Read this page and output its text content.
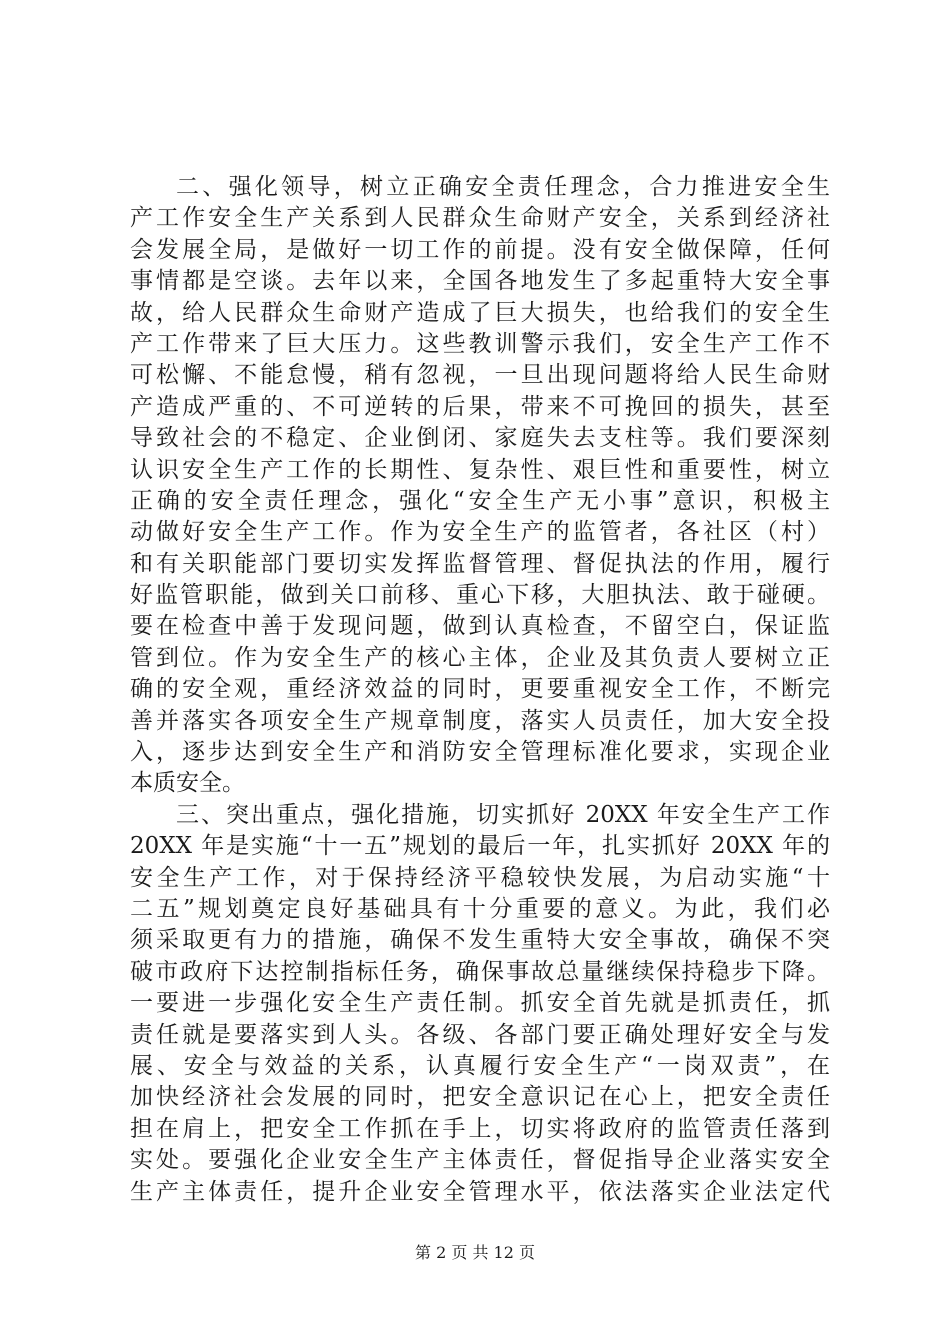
二、强化领导，树立正确安全责任理念，合力推进安全生
产工作安全生产关系到人民群众生命财产安全，关系到经济社
会发展全局，是做好一切工作的前提。没有安全做保障，任何
事情都是空谈。去年以来，全国各地发生了多起重特大安全事
故，给人民群众生命财产造成了巨大损失，也给我们的安全生
产工作带来了巨大压力。这些教训警示我们，安全生产工作不
可松懈、不能怠慢，稍有忽视，一旦出现问题将给人民生命财
产造成严重的、不可逆转的后果，带来不可挽回的损失，甚至
导致社会的不稳定、企业倒闭、家庭失去支柱等。我们要深刻
认识安全生产工作的长期性、复杂性、艰巨性和重要性，树立
正确的安全责任理念，强化“安全生产无小事”意识，积极主
动做好安全生产工作。作为安全生产的监管者，各社区（村）
和有关职能部门要切实发挥监督管理、督促执法的作用，履行
好监管职能，做到关口前移、重心下移，大胆执法、敢于碰硬。
要在检查中善于发现问题，做到认真检查，不留空白，保证监
管到位。作为安全生产的核心主体，企业及其负责人要树立正
确的安全观，重经济效益的同时，更要重视安全工作，不断完
善并落实各项安全生产规章制度，落实人员责任，加大安全投
入，逐步达到安全生产和消防安全管理标准化要求，实现企业
本质安全。
三、突出重点，强化措施，切实抓好 20XX 年安全生产工作
20XX 年是实施“十一五”规划的最后一年，扎实抓好 20XX 年的
安全生产工作，对于保持经济平稳较快发展，为启动实施“十
二五”规划奠定良好基础具有十分重要的意义。为此，我们必
须采取更有力的措施，确保不发生重特大安全事故，确保不突
破市政府下达控制指标任务，确保事故总量继续保持稳步下降。
一要进一步强化安全生产责任制。抓安全首先就是抓责任，抓
责任就是要落实到人头。各级、各部门要正确处理好安全与发
展、安全与效益的关系，认真履行安全生产“一岗双责”，在
加快经济社会发展的同时，把安全意识记在心上，把安全责任
担在肩上，把安全工作抓在手上，切实将政府的监管责任落到
实处。要强化企业安全生产主体责任，督促指导企业落实安全
生产主体责任，提升企业安全管理水平，依法落实企业法定代
第 2 页 共 12 页
